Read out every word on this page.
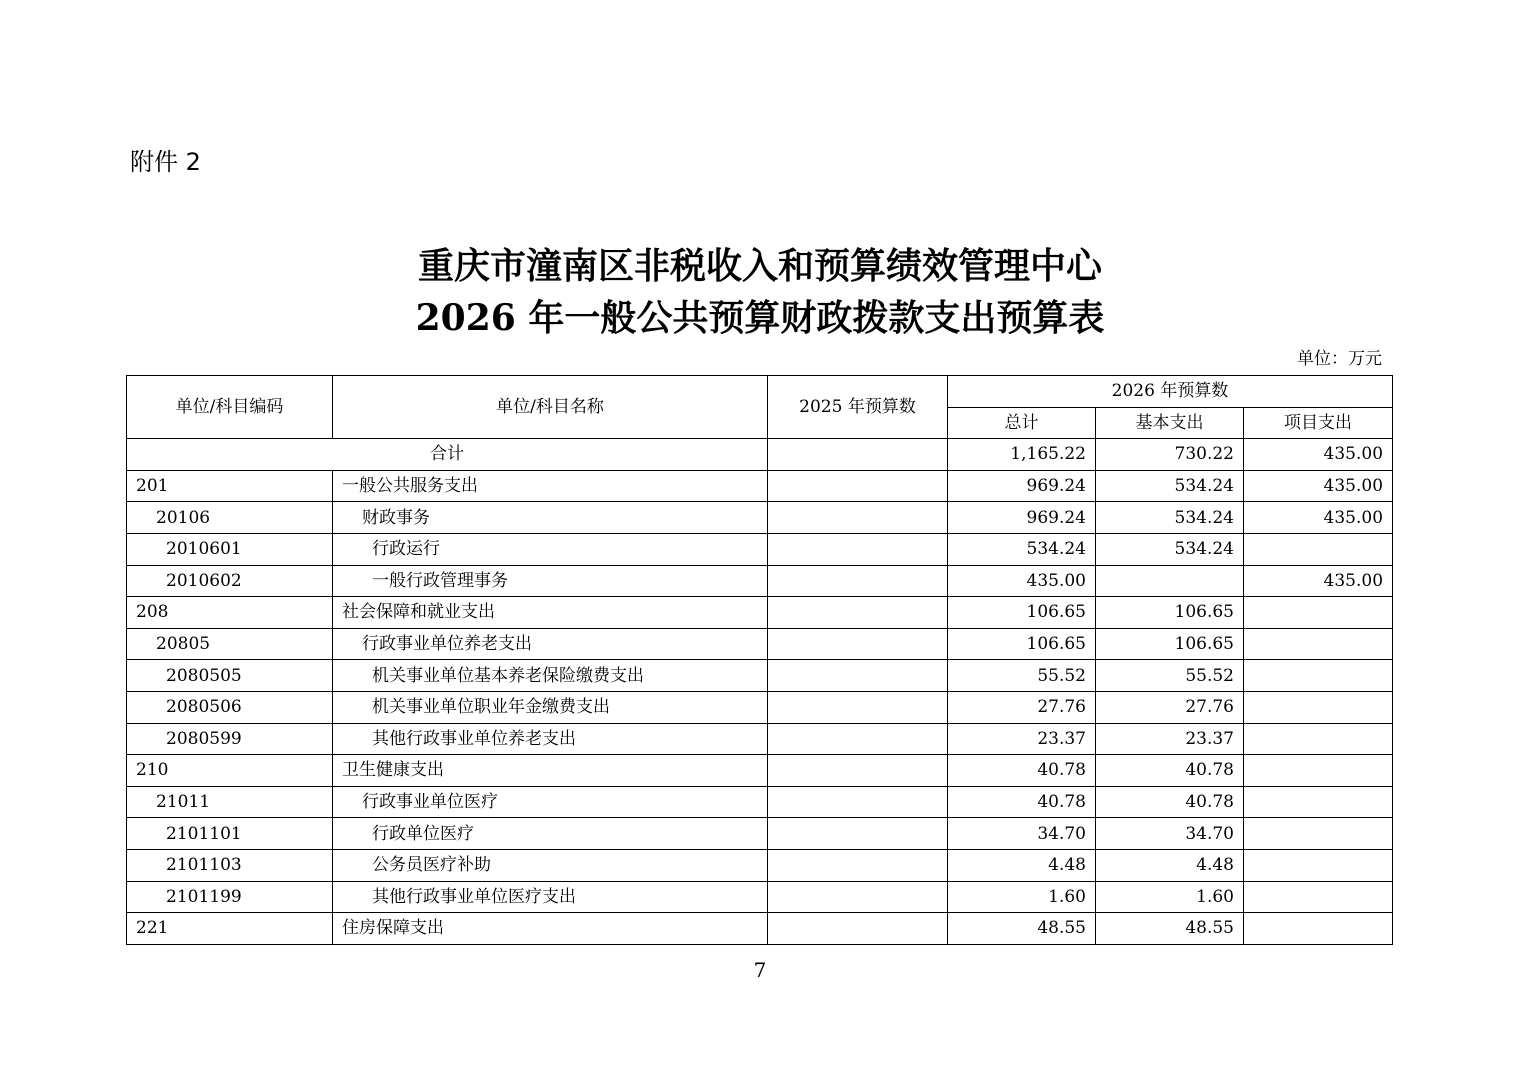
附件 2
重庆市潼南区非税收入和预算绩效管理中心
2026 年一般公共预算财政拨款支出预算表
单位：万元
单位/科目编码	单位/科目名称	2025 年预算数	2026 年预算数		
			总计	基本支出	项目支出
合计			1,165.22	730.22	435.00
201	一般公共服务支出		969.24	534.24	435.00
20106	财政事务		969.24	534.24	435.00
2010601	行政运行		534.24	534.24	
2010602	一般行政管理事务		435.00		435.00
208	社会保障和就业支出		106.65	106.65	
20805	行政事业单位养老支出		106.65	106.65	
2080505	机关事业单位基本养老保险缴费支出		55.52	55.52	
2080506	机关事业单位职业年金缴费支出		27.76	27.76	
2080599	其他行政事业单位养老支出		23.37	23.37	
210	卫生健康支出		40.78	40.78	
21011	行政事业单位医疗		40.78	40.78	
2101101	行政单位医疗		34.70	34.70	
2101103	公务员医疗补助		4.48	4.48	
2101199	其他行政事业单位医疗支出		1.60	1.60	
221	住房保障支出		48.55	48.55	
7
